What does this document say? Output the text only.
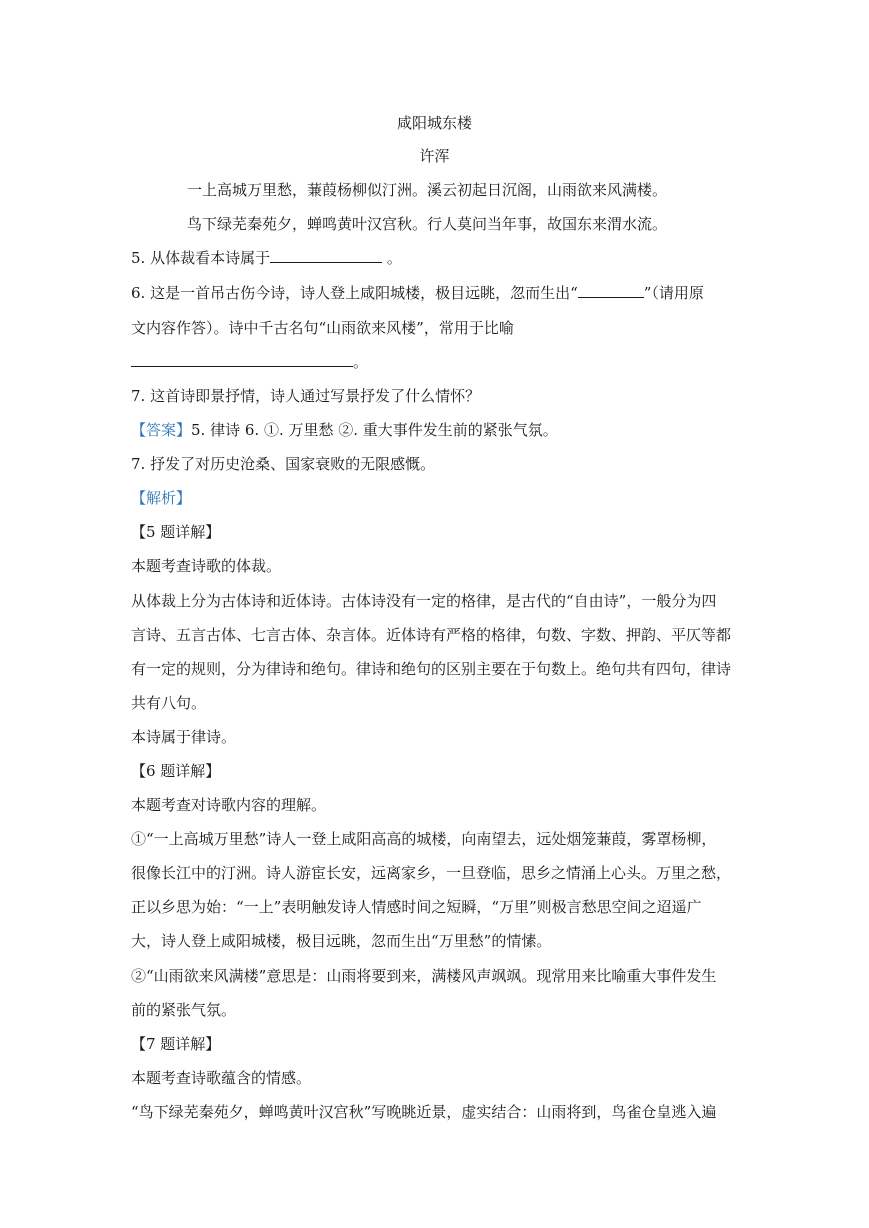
咸阳城东楼
许浑
一上高城万里愁，蒹葭杨柳似汀洲。溪云初起日沉阁，山雨欲来风满楼。
鸟下绿芜秦苑夕，蝉鸣黄叶汉宫秋。行人莫问当年事，故国东来渭水流。
5. 从体裁看本诗属于	。
6. 这是一首吊古伤今诗，诗人登上咸阳城楼，极目远眺，忽而生出“	”（请用原
文内容作答）。诗中千古名句“山雨欲来风楼”，常用于比喻
。
7. 这首诗即景抒情，诗人通过写景抒发了什么情怀？
【答案】5. 律诗 6. ①. 万里愁 ②. 重大事件发生前的紧张气氛。
7. 抒发了对历史沧桑、国家衰败的无限感慨。
【解析】
【5 题详解】
本题考查诗歌的体裁。
从体裁上分为古体诗和近体诗。古体诗没有一定的格律，是古代的“自由诗”，一般分为四
言诗、五言古体、七言古体、杂言体。近体诗有严格的格律，句数、字数、押韵、平仄等都
有一定的规则，分为律诗和绝句。律诗和绝句的区别主要在于句数上。绝句共有四句，律诗
共有八句。
本诗属于律诗。
【6 题详解】
本题考查对诗歌内容的理解。
①“一上高城万里愁”诗人一登上咸阳高高的城楼，向南望去，远处烟笼蒹葭，雾罩杨柳，
很像长江中的汀洲。诗人游宦长安，远离家乡，一旦登临，思乡之情涌上心头。万里之愁，
正以乡思为始：“一上”表明触发诗人情感时间之短瞬，“万里”则极言愁思空间之迢遥广
大，诗人登上咸阳城楼，极目远眺，忽而生出“万里愁”的情愫。
②“山雨欲来风满楼”意思是：山雨将要到来，满楼风声飒飒。现常用来比喻重大事件发生
前的紧张气氛。
【7 题详解】
本题考查诗歌蕴含的情感。
“鸟下绿芜秦苑夕，蝉鸣黄叶汉宫秋”写晚眺近景，虚实结合：山雨将到，鸟雀仓皇逃入遍
